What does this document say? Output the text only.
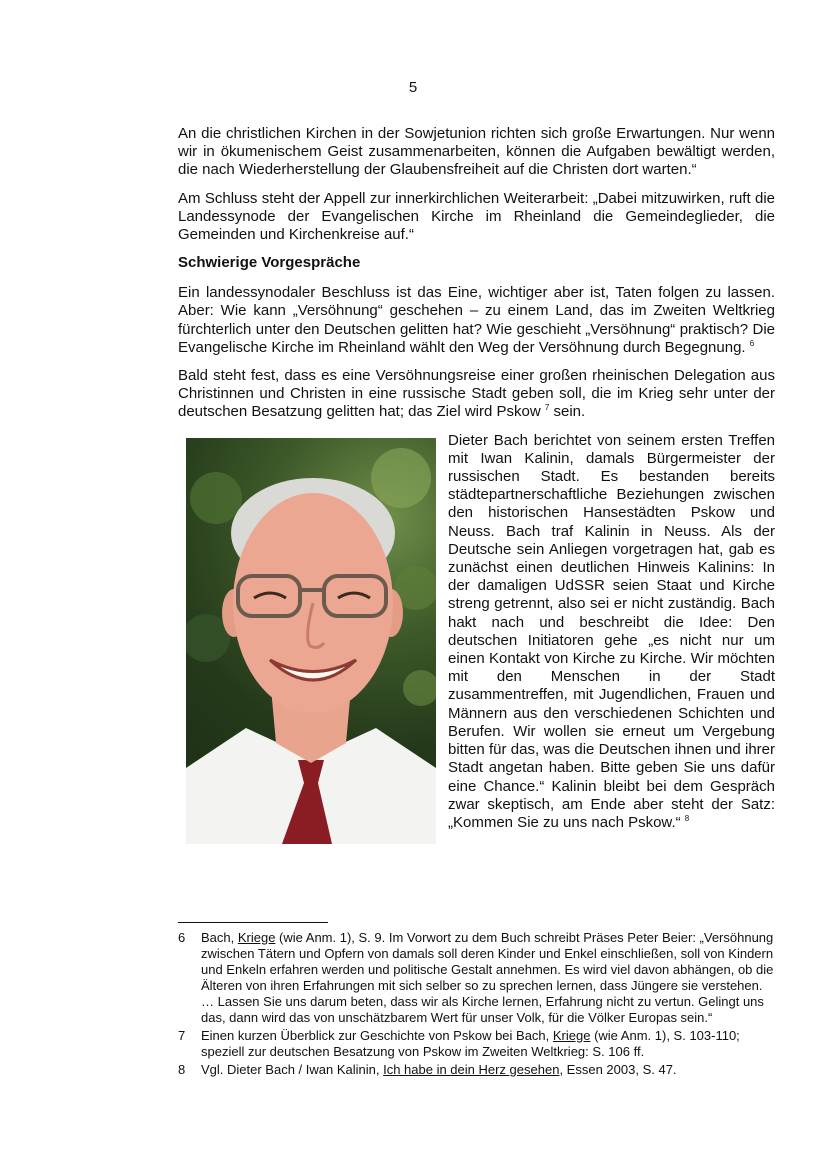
5

An die christlichen Kirchen in der Sowjetunion richten sich große Erwartungen. Nur wenn wir in ökumenischem Geist zusammenarbeiten, können die Aufgaben bewältigt werden, die nach Wiederherstellung der Glaubensfreiheit auf die Christen dort warten.“

Am Schluss steht der Appell zur innerkirchlichen Weiterarbeit: „Dabei mitzuwirken, ruft die Landessynode der Evangelischen Kirche im Rheinland die Gemeindeglieder, die Gemeinden und Kirchenkreise auf.“

Schwierige Vorgespräche

Ein landessynodaler Beschluss ist das Eine, wichtiger aber ist, Taten folgen zu lassen. Aber: Wie kann „Versöhnung“ geschehen – zu einem Land, das im Zweiten Weltkrieg fürchterlich unter den Deutschen gelitten hat? Wie geschieht „Versöhnung“ praktisch? Die Evangelische Kirche im Rheinland wählt den Weg der Versöhnung durch Begegnung. $^6$

Bald steht fest, dass es eine Versöhnungsreise einer großen rheinischen Delegation aus Christinnen und Christen in eine russische Stadt geben soll, die im Krieg sehr unter der deutschen Besatzung gelitten hat; das Ziel wird Pskow $^7$ sein.

Dieter Bach berichtet von seinem ersten Treffen mit Iwan Kalinin, damals Bürgermeister der russischen Stadt. Es bestanden bereits städtepartnerschaftliche Beziehungen zwischen den historischen Hansestädten Pskow und Neuss. Bach traf Kalinin in Neuss. Als der Deutsche sein Anliegen vorgetragen hat, gab es zunächst einen deutlichen Hinweis Kalinins: In der damaligen UdSSR seien Staat und Kirche streng getrennt, also sei er nicht zuständig. Bach hakt nach und beschreibt die Idee: Den deutschen Initiatoren gehe „es nicht nur um einen Kontakt von Kirche zu Kirche. Wir möchten mit den Menschen in der Stadt zusammentreffen, mit Jugendlichen, Frauen und Männern aus den verschiedenen Schichten und Berufen. Wir wollen sie erneut um Vergebung bitten für das, was die Deutschen ihnen und ihrer Stadt angetan haben. Bitte geben Sie uns dafür eine Chance.“ Kalinin bleibt bei dem Gespräch zwar skeptisch, am Ende aber steht der Satz: „Kommen Sie zu uns nach Pskow.“ $^8$
6	Bach, Kriege (wie Anm. 1), S. 9. Im Vorwort zu dem Buch schreibt Präses Peter Beier: „Versöhnung zwischen Tätern und Opfern von damals soll deren Kinder und Enkel einschließen, soll von Kindern und Enkeln erfahren werden und politische Gestalt annehmen. Es wird viel davon abhängen, ob die Älteren von ihren Erfahrungen mit sich selber so zu sprechen lernen, dass Jüngere sie verstehen. … Lassen Sie uns darum beten, dass wir als Kirche lernen, Erfahrung nicht zu vertun. Gelingt uns das, dann wird das von unschätzbarem Wert für unser Volk, für die Völker Europas sein.“
7	Einen kurzen Überblick zur Geschichte von Pskow bei Bach, Kriege (wie Anm. 1), S. 103-110; speziell zur deutschen Besatzung von Pskow im Zweiten Weltkrieg: S. 106 ff.
8	Vgl. Dieter Bach / Iwan Kalinin, Ich habe in dein Herz gesehen, Essen 2003, S. 47.
